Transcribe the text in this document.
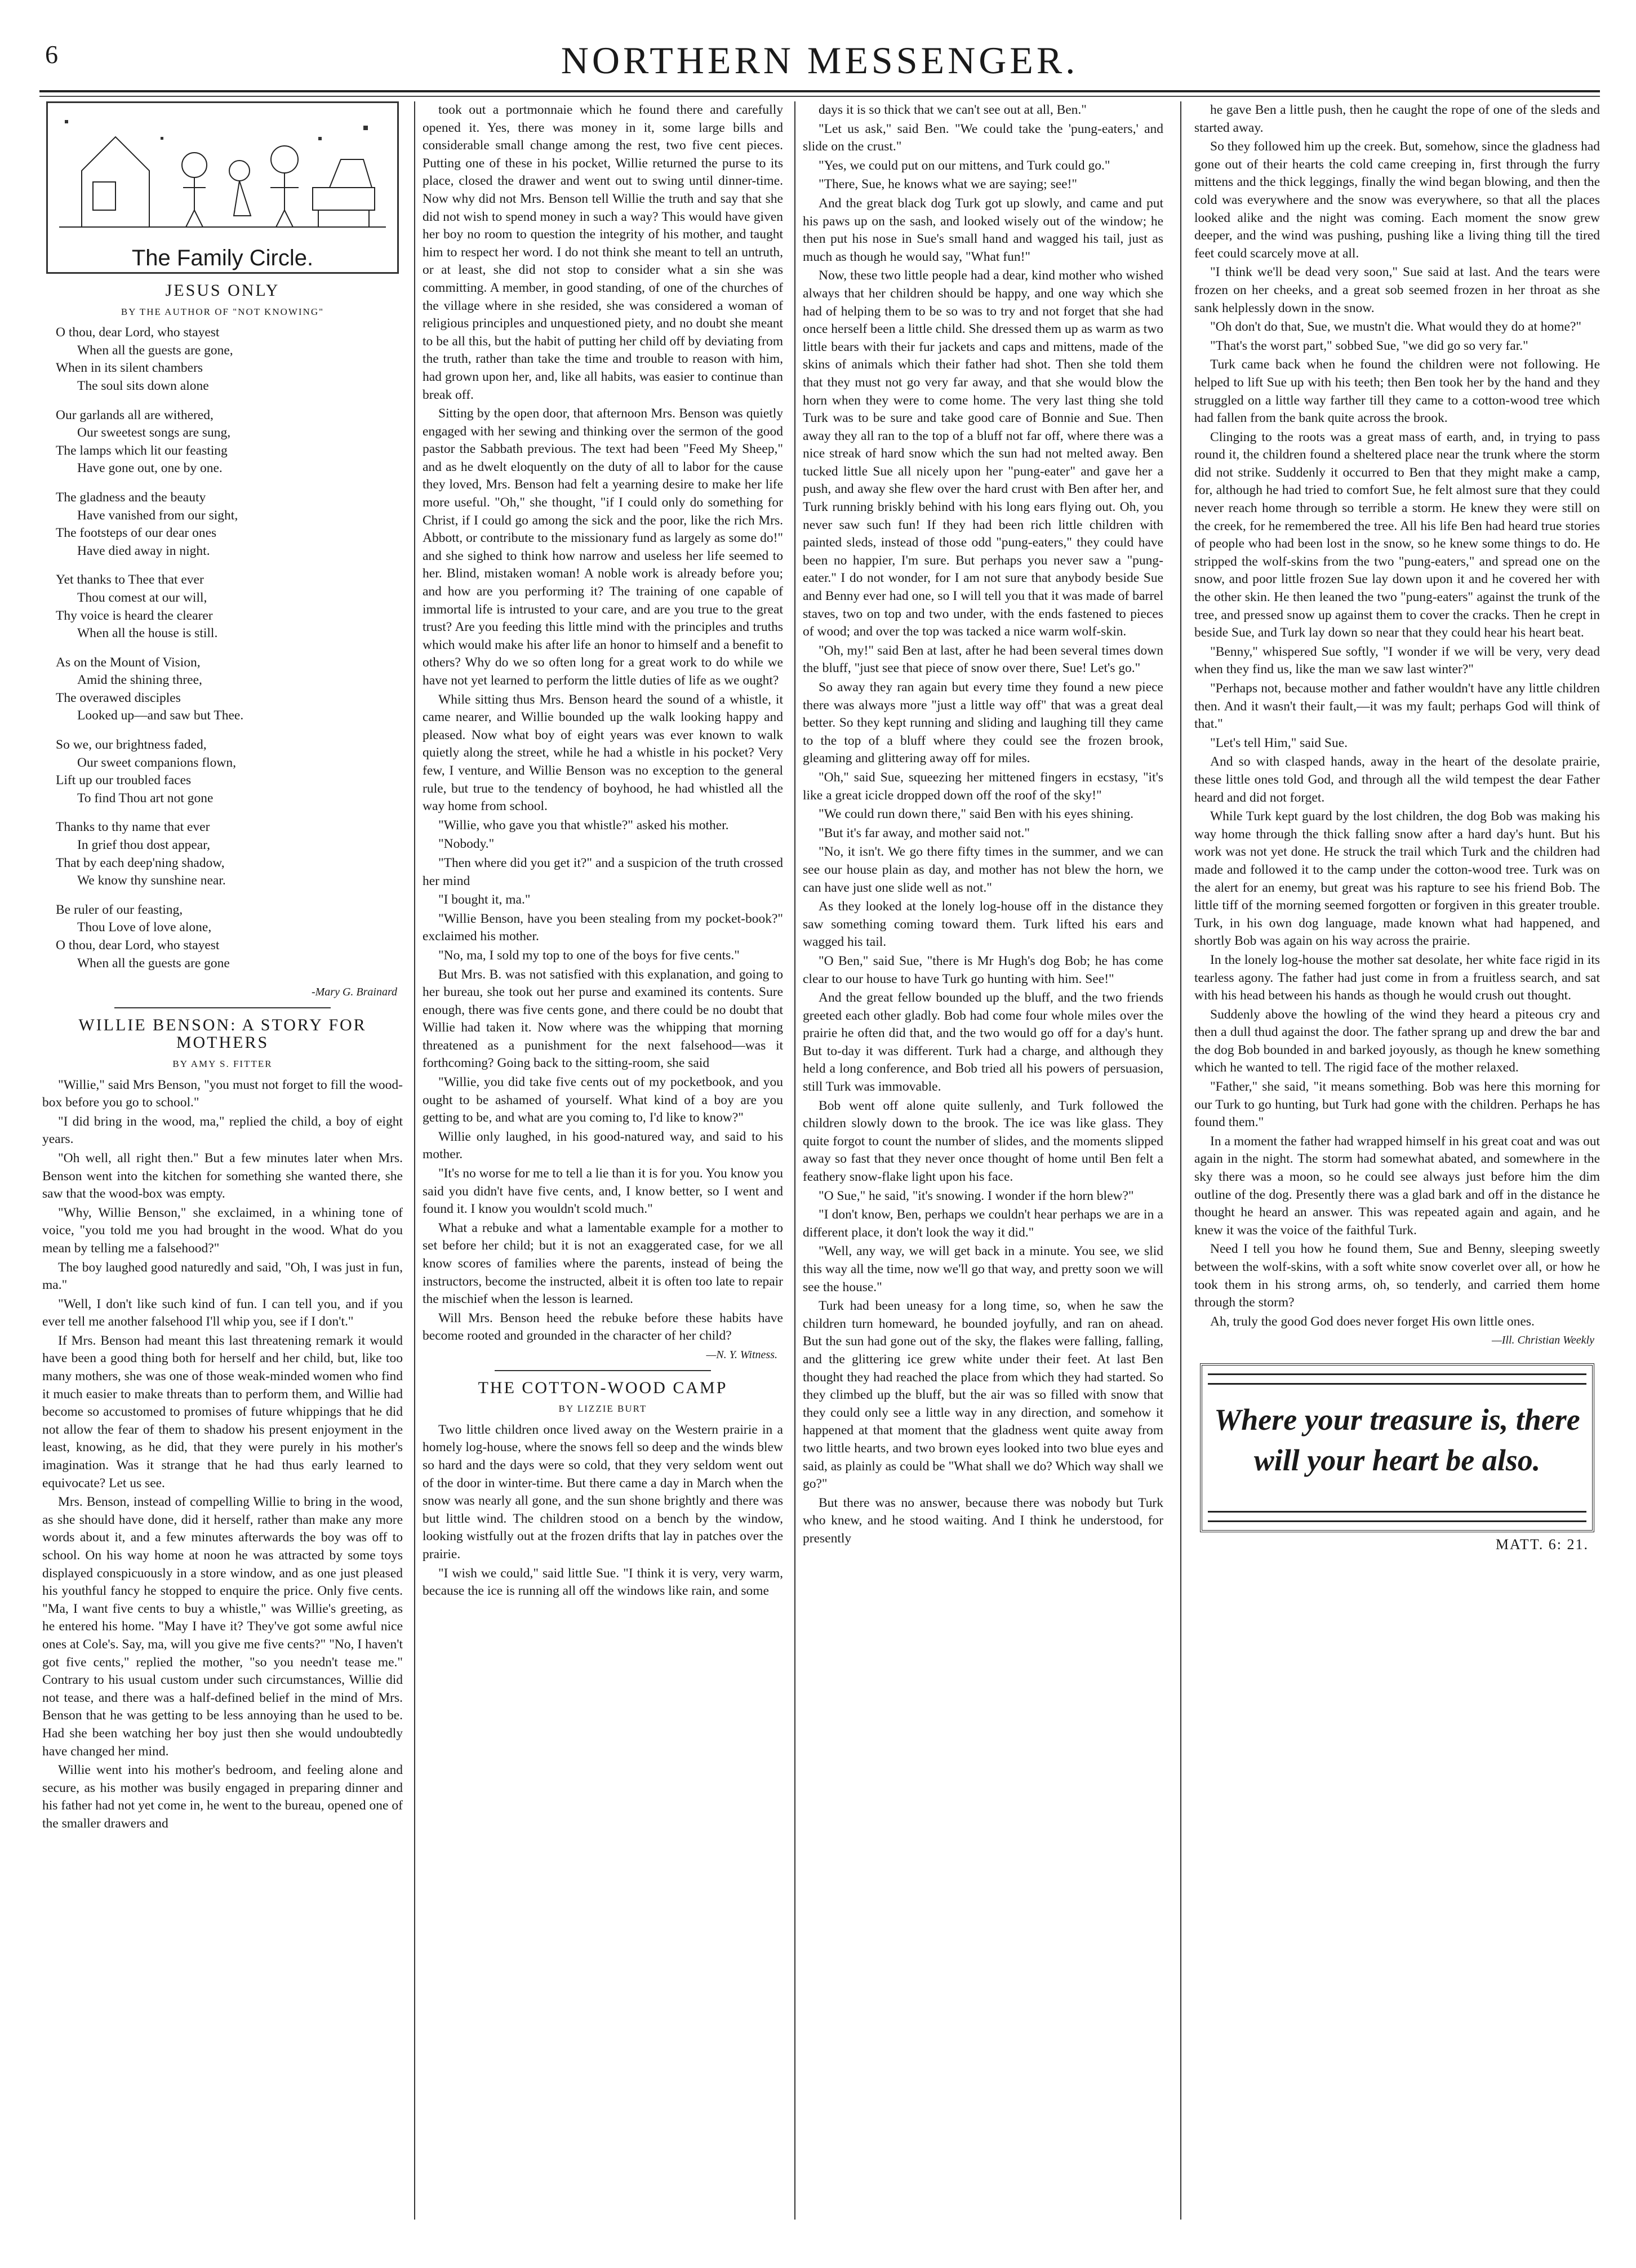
6	NORTHERN MESSENGER.
The Family Circle.
JESUS ONLY
BY THE AUTHOR OF "NOT KNOWING"

O thou, dear Lord, who stayest

When all the guests are gone,

When in its silent chambers

The soul sits down alone

Our garlands all are withered,

Our sweetest songs are sung,

The lamps which lit our feasting

Have gone out, one by one.

The gladness and the beauty

Have vanished from our sight,

The footsteps of our dear ones

Have died away in night.

Yet thanks to Thee that ever

Thou comest at our will,

Thy voice is heard the clearer

When all the house is still.

As on the Mount of Vision,

Amid the shining three,

The overawed disciples

Looked up—and saw but Thee.

So we, our brightness faded,

Our sweet companions flown,

Lift up our troubled faces

To find Thou art not gone

Thanks to thy name that ever

In grief thou dost appear,

That by each deep'ning shadow,

We know thy sunshine near.

Be ruler of our feasting,

Thou Love of love alone,

O thou, dear Lord, who stayest

When all the guests are gone

-Mary G. Brainard
WILLIE BENSON: A STORY FOR MOTHERS
BY AMY S. FITTER

"Willie," said Mrs Benson, "you must not forget to fill the wood-box before you go to school."

"I did bring in the wood, ma," replied the child, a boy of eight years.

"Oh well, all right then." But a few minutes later when Mrs. Benson went into the kitchen for something she wanted there, she saw that the wood-box was empty.

"Why, Willie Benson," she exclaimed, in a whining tone of voice, "you told me you had brought in the wood. What do you mean by telling me a falsehood?"

The boy laughed good naturedly and said, "Oh, I was just in fun, ma."

"Well, I don't like such kind of fun. I can tell you, and if you ever tell me another falsehood I'll whip you, see if I don't."

If Mrs. Benson had meant this last threatening remark it would have been a good thing both for herself and her child, but, like too many mothers, she was one of those weak-minded women who find it much easier to make threats than to perform them, and Willie had become so accustomed to promises of future whippings that he did not allow the fear of them to shadow his present enjoyment in the least, knowing, as he did, that they were purely in his mother's imagination. Was it strange that he had thus early learned to equivocate? Let us see.

Mrs. Benson, instead of compelling Willie to bring in the wood, as she should have done, did it herself, rather than make any more words about it, and a few minutes afterwards the boy was off to school. On his way home at noon he was attracted by some toys displayed conspicuously in a store window, and as one just pleased his youthful fancy he stopped to enquire the price. Only five cents. "Ma, I want five cents to buy a whistle," was Willie's greeting, as he entered his home. "May I have it? They've got some awful nice ones at Cole's. Say, ma, will you give me five cents?" "No, I haven't got five cents," replied the mother, "so you needn't tease me." Contrary to his usual custom under such circumstances, Willie did not tease, and there was a half-defined belief in the mind of Mrs. Benson that he was getting to be less annoying than he used to be. Had she been watching her boy just then she would undoubtedly have changed her mind.

Willie went into his mother's bedroom, and feeling alone and secure, as his mother was busily engaged in preparing dinner and his father had not yet come in, he went to the bureau, opened one of the smaller drawers and

took out a portmonnaie which he found there and carefully opened it. Yes, there was money in it, some large bills and considerable small change among the rest, two five cent pieces. Putting one of these in his pocket, Willie returned the purse to its place, closed the drawer and went out to swing until dinner-time. Now why did not Mrs. Benson tell Willie the truth and say that she did not wish to spend money in such a way? This would have given her boy no room to question the integrity of his mother, and taught him to respect her word. I do not think she meant to tell an untruth, or at least, she did not stop to consider what a sin she was committing. A member, in good standing, of one of the churches of the village where in she resided, she was considered a woman of religious principles and unquestioned piety, and no doubt she meant to be all this, but the habit of putting her child off by deviating from the truth, rather than take the time and trouble to reason with him, had grown upon her, and, like all habits, was easier to continue than break off.

Sitting by the open door, that afternoon Mrs. Benson was quietly engaged with her sewing and thinking over the sermon of the good pastor the Sabbath previous. The text had been "Feed My Sheep," and as he dwelt eloquently on the duty of all to labor for the cause they loved, Mrs. Benson had felt a yearning desire to make her life more useful. "Oh," she thought, "if I could only do something for Christ, if I could go among the sick and the poor, like the rich Mrs. Abbott, or contribute to the missionary fund as largely as some do!" and she sighed to think how narrow and useless her life seemed to her. Blind, mistaken woman! A noble work is already before you; and how are you performing it? The training of one capable of immortal life is intrusted to your care, and are you true to the great trust? Are you feeding this little mind with the principles and truths which would make his after life an honor to himself and a benefit to others? Why do we so often long for a great work to do while we have not yet learned to perform the little duties of life as we ought?

While sitting thus Mrs. Benson heard the sound of a whistle, it came nearer, and Willie bounded up the walk looking happy and pleased. Now what boy of eight years was ever known to walk quietly along the street, while he had a whistle in his pocket? Very few, I venture, and Willie Benson was no exception to the general rule, but true to the tendency of boyhood, he had whistled all the way home from school.

"Willie, who gave you that whistle?" asked his mother.

"Nobody."

"Then where did you get it?" and a suspicion of the truth crossed her mind

"I bought it, ma."

"Willie Benson, have you been stealing from my pocket-book?" exclaimed his mother.

"No, ma, I sold my top to one of the boys for five cents."

But Mrs. B. was not satisfied with this explanation, and going to her bureau, she took out her purse and examined its contents. Sure enough, there was five cents gone, and there could be no doubt that Willie had taken it. Now where was the whipping that morning threatened as a punishment for the next falsehood—was it forthcoming? Going back to the sitting-room, she said

"Willie, you did take five cents out of my pocketbook, and you ought to be ashamed of yourself. What kind of a boy are you getting to be, and what are you coming to, I'd like to know?"

Willie only laughed, in his good-natured way, and said to his mother.

"It's no worse for me to tell a lie than it is for you. You know you said you didn't have five cents, and, I know better, so I went and found it. I know you wouldn't scold much."

What a rebuke and what a lamentable example for a mother to set before her child; but it is not an exaggerated case, for we all know scores of families where the parents, instead of being the instructors, become the instructed, albeit it is often too late to repair the mischief when the lesson is learned.

Will Mrs. Benson heed the rebuke before these habits have become rooted and grounded in the character of her child?

—N. Y. Witness.
THE COTTON-WOOD CAMP
BY LIZZIE BURT

Two little children once lived away on the Western prairie in a homely log-house, where the snows fell so deep and the winds blew so hard and the days were so cold, that they very seldom went out of the door in winter-time. But there came a day in March when the snow was nearly all gone, and the sun shone brightly and there was but little wind. The children stood on a bench by the window, looking wistfully out at the frozen drifts that lay in patches over the prairie.

"I wish we could," said little Sue. "I think it is very, very warm, because the ice is running all off the windows like rain, and some

days it is so thick that we can't see out at all, Ben."

"Let us ask," said Ben. "We could take the 'pung-eaters,' and slide on the crust."

"Yes, we could put on our mittens, and Turk could go."

"There, Sue, he knows what we are saying; see!"

And the great black dog Turk got up slowly, and came and put his paws up on the sash, and looked wisely out of the window; he then put his nose in Sue's small hand and wagged his tail, just as much as though he would say, "What fun!"

Now, these two little people had a dear, kind mother who wished always that her children should be happy, and one way which she had of helping them to be so was to try and not forget that she had once herself been a little child. She dressed them up as warm as two little bears with their fur jackets and caps and mittens, made of the skins of animals which their father had shot. Then she told them that they must not go very far away, and that she would blow the horn when they were to come home. The very last thing she told Turk was to be sure and take good care of Bonnie and Sue. Then away they all ran to the top of a bluff not far off, where there was a nice streak of hard snow which the sun had not melted away. Ben tucked little Sue all nicely upon her "pung-eater" and gave her a push, and away she flew over the hard crust with Ben after her, and Turk running briskly behind with his long ears flying out. Oh, you never saw such fun! If they had been rich little children with painted sleds, instead of those odd "pung-eaters," they could have been no happier, I'm sure. But perhaps you never saw a "pung-eater." I do not wonder, for I am not sure that anybody beside Sue and Benny ever had one, so I will tell you that it was made of barrel staves, two on top and two under, with the ends fastened to pieces of wood; and over the top was tacked a nice warm wolf-skin.

"Oh, my!" said Ben at last, after he had been several times down the bluff, "just see that piece of snow over there, Sue! Let's go."

So away they ran again but every time they found a new piece there was always more "just a little way off" that was a great deal better. So they kept running and sliding and laughing till they came to the top of a bluff where they could see the frozen brook, gleaming and glittering away off for miles.

"Oh," said Sue, squeezing her mittened fingers in ecstasy, "it's like a great icicle dropped down off the roof of the sky!"

"We could run down there," said Ben with his eyes shining.

"But it's far away, and mother said not."

"No, it isn't. We go there fifty times in the summer, and we can see our house plain as day, and mother has not blew the horn, we can have just one slide well as not."

As they looked at the lonely log-house off in the distance they saw something coming toward them. Turk lifted his ears and wagged his tail.

"O Ben," said Sue, "there is Mr Hugh's dog Bob; he has come clear to our house to have Turk go hunting with him. See!"

And the great fellow bounded up the bluff, and the two friends greeted each other gladly. Bob had come four whole miles over the prairie he often did that, and the two would go off for a day's hunt. But to-day it was different. Turk had a charge, and although they held a long conference, and Bob tried all his powers of persuasion, still Turk was immovable.

Bob went off alone quite sullenly, and Turk followed the children slowly down to the brook. The ice was like glass. They quite forgot to count the number of slides, and the moments slipped away so fast that they never once thought of home until Ben felt a feathery snow-flake light upon his face.

"O Sue," he said, "it's snowing. I wonder if the horn blew?"

"I don't know, Ben, perhaps we couldn't hear perhaps we are in a different place, it don't look the way it did."

"Well, any way, we will get back in a minute. You see, we slid this way all the time, now we'll go that way, and pretty soon we will see the house."

Turk had been uneasy for a long time, so, when he saw the children turn homeward, he bounded joyfully, and ran on ahead. But the sun had gone out of the sky, the flakes were falling, falling, and the glittering ice grew white under their feet. At last Ben thought they had reached the place from which they had started. So they climbed up the bluff, but the air was so filled with snow that they could only see a little way in any direction, and somehow it happened at that moment that the gladness went quite away from two little hearts, and two brown eyes looked into two blue eyes and said, as plainly as could be "What shall we do? Which way shall we go?"

But there was no answer, because there was nobody but Turk who knew, and he stood waiting. And I think he understood, for presently

he gave Ben a little push, then he caught the rope of one of the sleds and started away.

So they followed him up the creek. But, somehow, since the gladness had gone out of their hearts the cold came creeping in, first through the furry mittens and the thick leggings, finally the wind began blowing, and then the cold was everywhere and the snow was everywhere, so that all the places looked alike and the night was coming. Each moment the snow grew deeper, and the wind was pushing, pushing like a living thing till the tired feet could scarcely move at all.

"I think we'll be dead very soon," Sue said at last. And the tears were frozen on her cheeks, and a great sob seemed frozen in her throat as she sank helplessly down in the snow.

"Oh don't do that, Sue, we mustn't die. What would they do at home?"

"That's the worst part," sobbed Sue, "we did go so very far."

Turk came back when he found the children were not following. He helped to lift Sue up with his teeth; then Ben took her by the hand and they struggled on a little way farther till they came to a cotton-wood tree which had fallen from the bank quite across the brook.

Clinging to the roots was a great mass of earth, and, in trying to pass round it, the children found a sheltered place near the trunk where the storm did not strike. Suddenly it occurred to Ben that they might make a camp, for, although he had tried to comfort Sue, he felt almost sure that they could never reach home through so terrible a storm. He knew they were still on the creek, for he remembered the tree. All his life Ben had heard true stories of people who had been lost in the snow, so he knew some things to do. He stripped the wolf-skins from the two "pung-eaters," and spread one on the snow, and poor little frozen Sue lay down upon it and he covered her with the other skin. He then leaned the two "pung-eaters" against the trunk of the tree, and pressed snow up against them to cover the cracks. Then he crept in beside Sue, and Turk lay down so near that they could hear his heart beat.

"Benny," whispered Sue softly, "I wonder if we will be very, very dead when they find us, like the man we saw last winter?"

"Perhaps not, because mother and father wouldn't have any little children then. And it wasn't their fault,—it was my fault; perhaps God will think of that."

"Let's tell Him," said Sue.

And so with clasped hands, away in the heart of the desolate prairie, these little ones told God, and through all the wild tempest the dear Father heard and did not forget.

While Turk kept guard by the lost children, the dog Bob was making his way home through the thick falling snow after a hard day's hunt. But his work was not yet done. He struck the trail which Turk and the children had made and followed it to the camp under the cotton-wood tree. Turk was on the alert for an enemy, but great was his rapture to see his friend Bob. The little tiff of the morning seemed forgotten or forgiven in this greater trouble. Turk, in his own dog language, made known what had happened, and shortly Bob was again on his way across the prairie.

In the lonely log-house the mother sat desolate, her white face rigid in its tearless agony. The father had just come in from a fruitless search, and sat with his head between his hands as though he would crush out thought.

Suddenly above the howling of the wind they heard a piteous cry and then a dull thud against the door. The father sprang up and drew the bar and the dog Bob bounded in and barked joyously, as though he knew something which he wanted to tell. The rigid face of the mother relaxed.

"Father," she said, "it means something. Bob was here this morning for our Turk to go hunting, but Turk had gone with the children. Perhaps he has found them."

In a moment the father had wrapped himself in his great coat and was out again in the night. The storm had somewhat abated, and somewhere in the sky there was a moon, so he could see always just before him the dim outline of the dog. Presently there was a glad bark and off in the distance he thought he heard an answer. This was repeated again and again, and he knew it was the voice of the faithful Turk.

Need I tell you how he found them, Sue and Benny, sleeping sweetly between the wolf-skins, with a soft white snow coverlet over all, or how he took them in his strong arms, oh, so tenderly, and carried them home through the storm?

Ah, truly the good God does never forget His own little ones.

—Ill. Christian Weekly
Where your treasure is, there will your heart be also.
MATT. 6: 21.
